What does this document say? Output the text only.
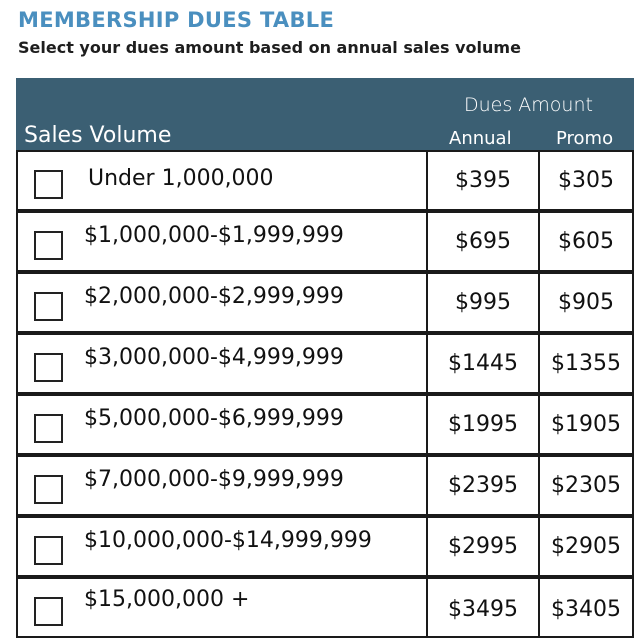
MEMBERSHIP DUES TABLE
Select your dues amount based on annual sales volume
Dues Amount
Sales Volume	Annual Promo
Under 1,000,000	$395	$305
$1,000,000-$1,999,999	$695	$605
$2,000,000-$2,999,999	$995	$905
$3,000,000-$4,999,999	$1445	$1355
$5,000,000-$6,999,999	$1995	$1905
$7,000,000-$9,999,999	$2395	$2305
$10,000,000-$14,999,999	$2995	$2905
$15,000,000 +	$3495	$3405
